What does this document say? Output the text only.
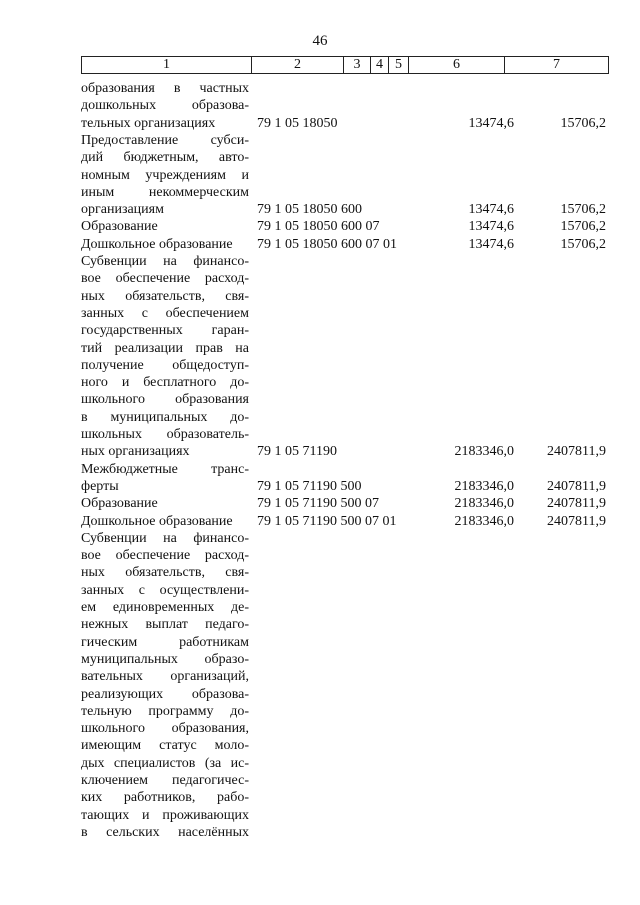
46
1	2	3	4	5	6	7
образования в частных
дошкольных образова-
тельных организациях	79 1 05 18050	13474,6	15706,2
Предоставление субси-
дий бюджетным, авто-
номным учреждениям и
иным некоммерческим
организациям	79 1 05 18050 600	13474,6	15706,2
Образование	79 1 05 18050 600 07	13474,6	15706,2
Дошкольное образование	79 1 05 18050 600 07 01	13474,6	15706,2
Субвенции на финансо-
вое обеспечение расход-
ных обязательств, свя-
занных с обеспечением
государственных гаран-
тий реализации прав на
получение общедоступ-
ного и бесплатного до-
школьного образования
в муниципальных до-
школьных образователь-
ных организациях	79 1 05 71190	2183346,0	2407811,9
Межбюджетные транс-
ферты	79 1 05 71190 500	2183346,0	2407811,9
Образование	79 1 05 71190 500 07	2183346,0	2407811,9
Дошкольное образование	79 1 05 71190 500 07 01	2183346,0	2407811,9
Субвенции на финансо-
вое обеспечение расход-
ных обязательств, свя-
занных с осуществлени-
ем единовременных де-
нежных выплат педаго-
гическим работникам
муниципальных образо-
вательных организаций,
реализующих образова-
тельную программу до-
школьного образования,
имеющим статус моло-
дых специалистов (за ис-
ключением педагогичес-
ких работников, рабо-
тающих и проживающих
в сельских населённых
